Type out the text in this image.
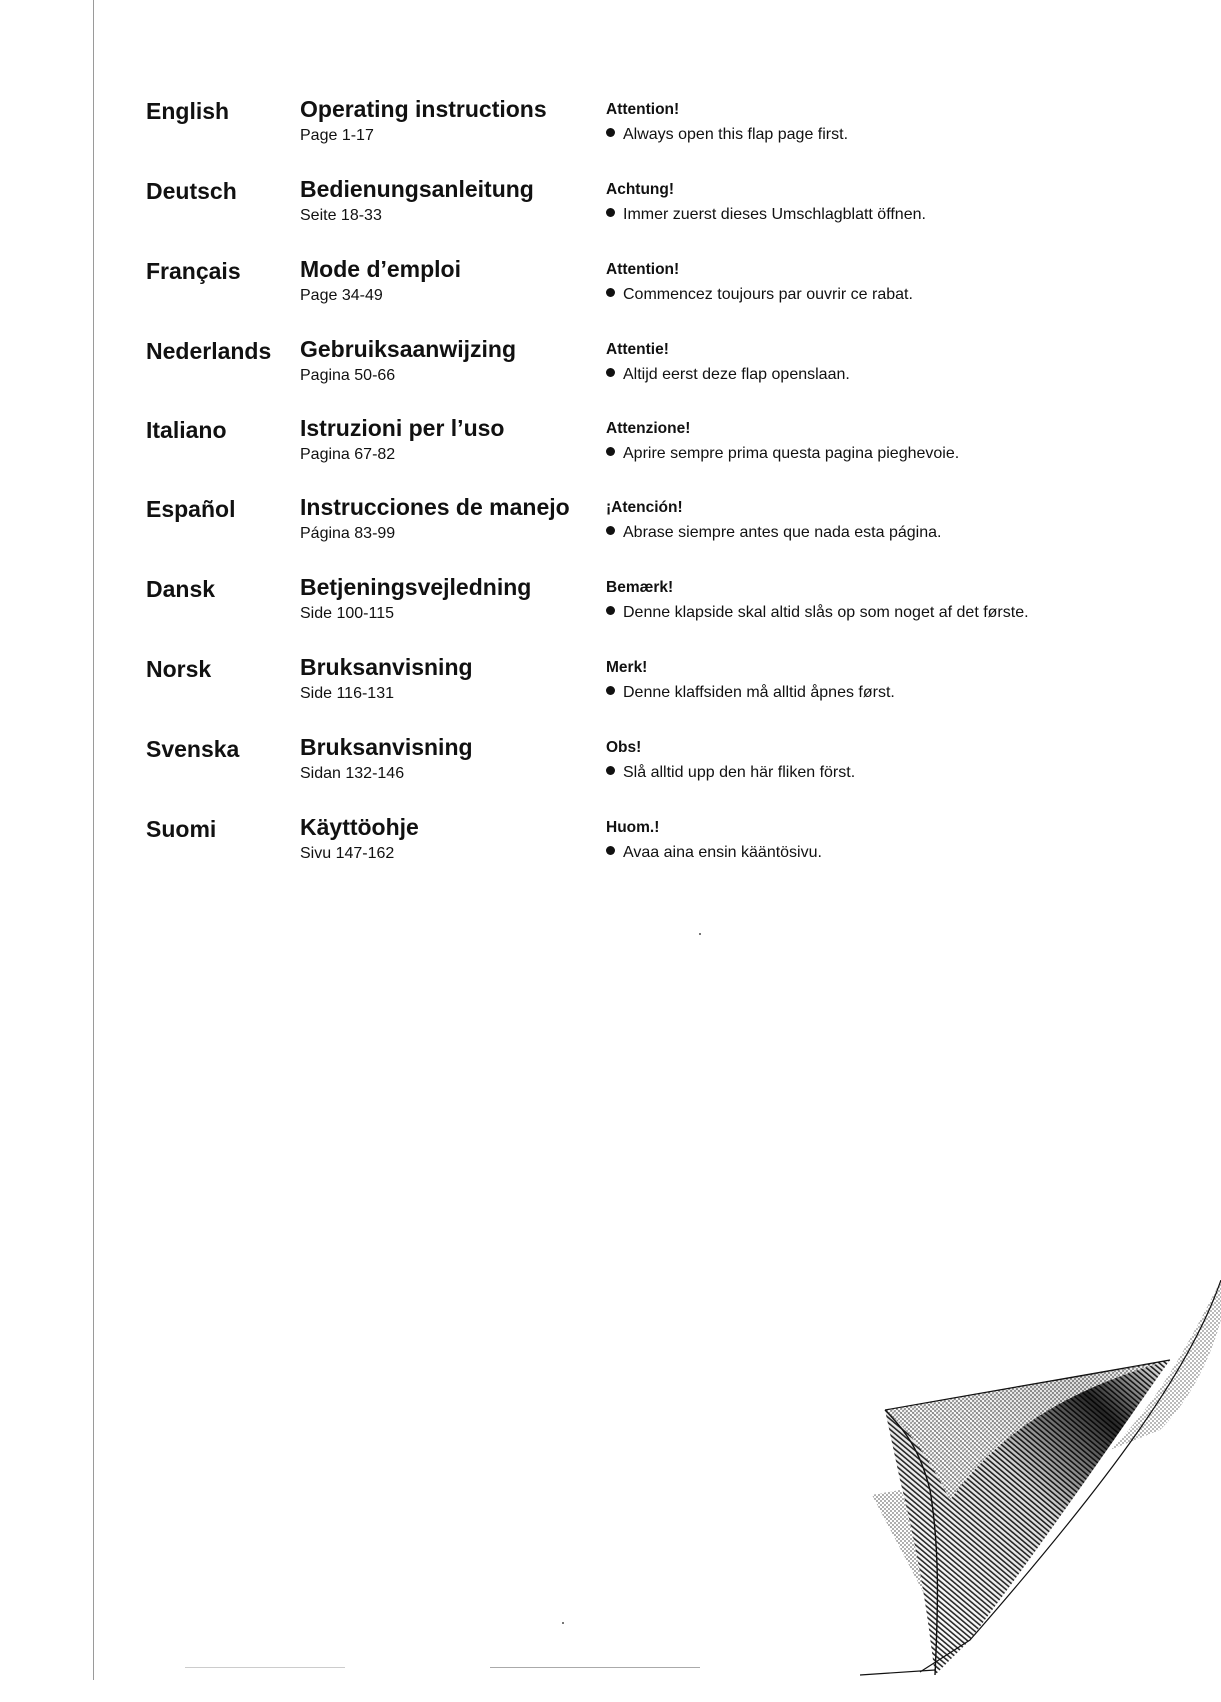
English	Operating instructions
Page 1-17
Attention!
Always open this flap page first.
Deutsch	Bedienungsanleitung
Seite 18-33
Achtung!
Immer zuerst dieses Umschlagblatt öffnen.
Français	Mode d’emploi
Page 34-49
Attention!
Commencez toujours par ouvrir ce rabat.
Nederlands Gebruiksaanwijzing
Pagina 50-66
Attentie!
Altijd eerst deze flap openslaan.
Italiano	Istruzioni per l’uso
Pagina 67-82
Attenzione!
Aprire sempre prima questa pagina pieghevoie.
Español	Instrucciones de manejo
Página 83-99
¡Atención!
Abrase siempre antes que nada esta página.
Dansk	Betjeningsvejledning
Side 100-115
Bemærk!
Denne klapside skal altid slås op som noget af det første.
Norsk	Bruksanvisning
Side 116-131
Merk!
Denne klaffsiden må alltid åpnes først.
Svenska	Bruksanvisning
Sidan 132-146
Obs!
Slå alltid upp den här fliken först.
Suomi	Käyttöohje
Sivu 147-162
Huom.!
Avaa aina ensin kääntösivu.
